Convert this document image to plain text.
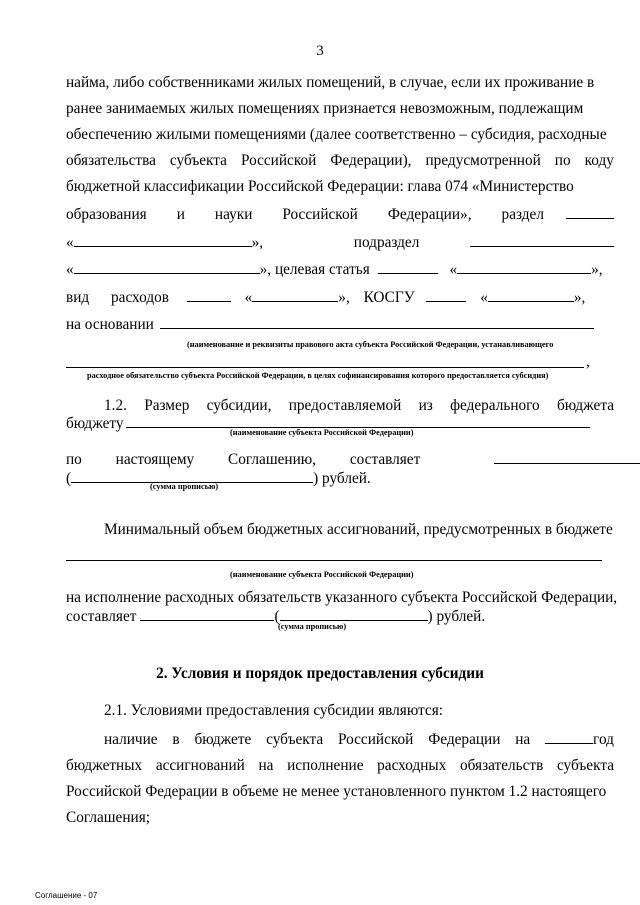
3
найма, либо собственниками жилых помещений, в случае, если их проживание в
ранее занимаемых жилых помещениях признается невозможным, подлежащим
обеспечению жилыми помещениями (далее соответственно – субсидия, расходные
обязательства субъекта Российской Федерации), предусмотренной по коду
бюджетной классификации Российской Федерации: глава 074 «Министерство
образования и науки Российской Федерации», раздел
«	»,	подраздел
«	», целевая статья	«	»,
вид расходов	«	», КОСГУ	«	»,
на основании
(наименование и реквизиты правового акта субъекта Российской Федерации, устанавливающего
,
расходное обязательство субъекта Российской Федерации, в целях софинансирования которого предоставляется субсидия)
1.2. Размер субсидии, предоставляемой из федерального бюджета
бюджету
(наименование субъекта Российской Федерации)
по настоящему Соглашению, составляет
(	) рублей.
(сумма прописью)
Минимальный объем бюджетных ассигнований, предусмотренных в бюджете
(наименование субъекта Российской Федерации)
на исполнение расходных обязательств указанного субъекта Российской Федерации,
составляет	(	) рублей.
(сумма прописью)
2. Условия и порядок предоставления субсидии
2.1. Условиями предоставления субсидии являются:
наличие в бюджете субъекта Российской Федерации на	год
бюджетных ассигнований на исполнение расходных обязательств субъекта
Российской Федерации в объеме не менее установленного пунктом 1.2 настоящего
Соглашения;
Соглашение - 07
